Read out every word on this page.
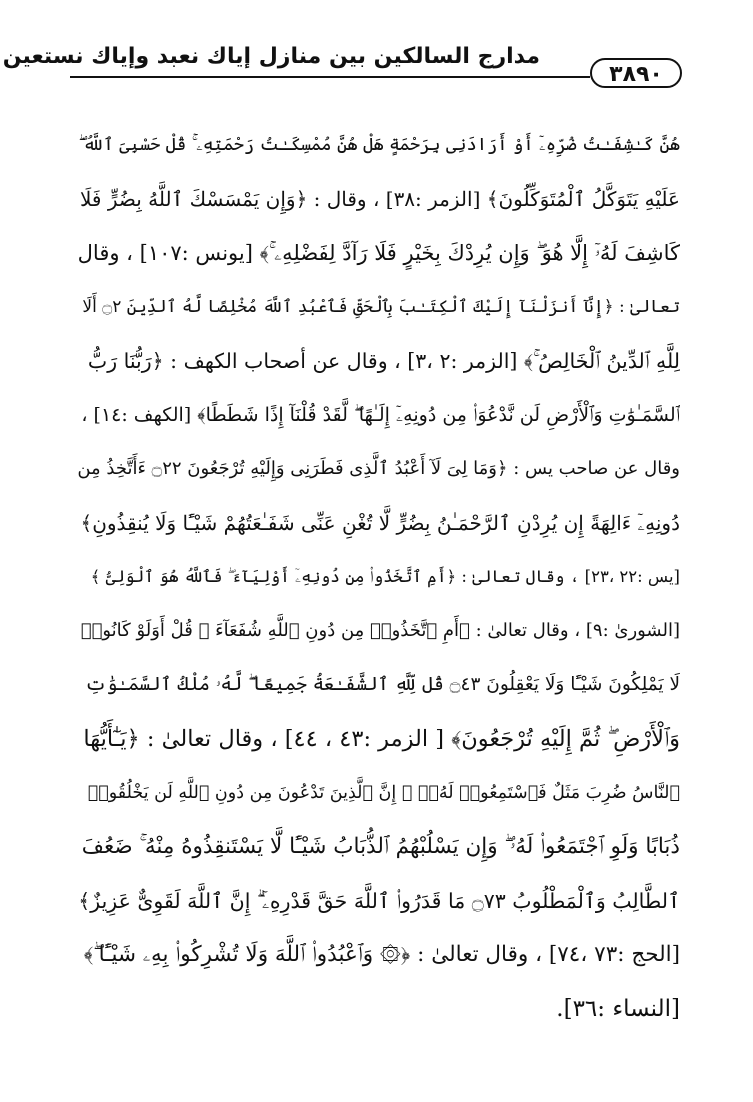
مدارج السالكين بين منازل إياك نعبد وإياك نستعين
٣٨٩٠
هُنَّ كَـٰشِفَـٰتُ ضُرِّهِۦٓ أَوْ أَرَادَنِى بِرَحْمَةٍ هَلْ هُنَّ مُمْسِكَـٰتُ رَحْمَتِهِۦ ۚ قُلْ حَسْبِىَ ٱللَّهُ ۖ
عَلَيْهِ يَتَوَكَّلُ ٱلْمُتَوَكِّلُونَ﴾ [الزمر :٣٨] ، وقال : ﴿وَإِن يَمْسَسْكَ ٱللَّهُ بِضُرٍّ فَلَا
كَاشِفَ لَهُۥٓ إِلَّا هُوَ ۖ وَإِن يُرِدْكَ بِخَيْرٍ فَلَا رَآدَّ لِفَضْلِهِۦ ۚ﴾ [يونس :١٠٧] ، وقال
تعالىٰ : ﴿إِنَّآ أَنزَلْنَآ إِلَيْكَ ٱلْكِتَـٰبَ بِٱلْحَقِّ فَٱعْبُدِ ٱللَّهَ مُخْلِصًا لَّهُ ٱلدِّينَ ۝٢ أَلَا
لِلَّهِ ٱلدِّينُ ٱلْخَالِصُ ۚ﴾ [الزمر :٢ ،٣] ، وقال عن أصحاب الكهف : ﴿رَبُّنَا رَبُّ
ٱلسَّمَـٰوَٰتِ وَٱلْأَرْضِ لَن نَّدْعُوَا۟ مِن دُونِهِۦٓ إِلَـٰهًا ۖ لَّقَدْ قُلْنَآ إِذًا شَطَطًا﴾ [الكهف :١٤] ،
وقال عن صاحب يس : ﴿وَمَا لِىَ لَآ أَعْبُدُ ٱلَّذِى فَطَرَنِى وَإِلَيْهِ تُرْجَعُونَ ۝٢٢ ءَأَتَّخِذُ مِن
دُونِهِۦٓ ءَالِهَةً إِن يُرِدْنِ ٱلرَّحْمَـٰنُ بِضُرٍّ لَّا تُغْنِ عَنِّى شَفَـٰعَتُهُمْ شَيْـًٔا وَلَا يُنقِذُونِ﴾
[يس :٢٢ ،٢٣] ، وقال تعالىٰ : ﴿أَمِ ٱتَّخَذُوا۟ مِن دُونِهِۦٓ أَوْلِيَآءَ ۖ فَٱللَّهُ هُوَ ٱلْوَلِىُّ ﴾
[الشورىٰ :٩] ، وقال تعالىٰ : ﴿أَمِ ٱتَّخَذُوا۟ مِن دُونِ ٱللَّهِ شُفَعَآءَ ۚ قُلْ أَوَلَوْ كَانُوا۟
لَا يَمْلِكُونَ شَيْـًٔا وَلَا يَعْقِلُونَ ۝٤٣ قُل لِّلَّهِ ٱلشَّفَـٰعَةُ جَمِيعًا ۖ لَّهُۥ مُلْكُ ٱلسَّمَـٰوَٰتِ
وَٱلْأَرْضِ ۖ ثُمَّ إِلَيْهِ تُرْجَعُونَ﴾ [ الزمر :٤٣ ، ٤٤] ، وقال تعالىٰ : ﴿يَـٰٓأَيُّهَا
ٱلنَّاسُ ضُرِبَ مَثَلٌ فَٱسْتَمِعُوا۟ لَهُۥٓ ۚ إِنَّ ٱلَّذِينَ تَدْعُونَ مِن دُونِ ٱللَّهِ لَن يَخْلُقُوا۟
ذُبَابًا وَلَوِ ٱجْتَمَعُوا۟ لَهُۥ ۖ وَإِن يَسْلُبْهُمُ ٱلذُّبَابُ شَيْـًٔا لَّا يَسْتَنقِذُوهُ مِنْهُ ۚ ضَعُفَ
ٱلطَّالِبُ وَٱلْمَطْلُوبُ ۝٧٣ مَا قَدَرُوا۟ ٱللَّهَ حَقَّ قَدْرِهِۦٓ ۗ إِنَّ ٱللَّهَ لَقَوِىٌّ عَزِيزٌ﴾
[الحج :٧٣ ،٧٤] ، وقال تعالىٰ : ﴿۞ وَٱعْبُدُوا۟ ٱللَّهَ وَلَا تُشْرِكُوا۟ بِهِۦ شَيْـًٔا ۖ﴾
[النساء :٣٦].
